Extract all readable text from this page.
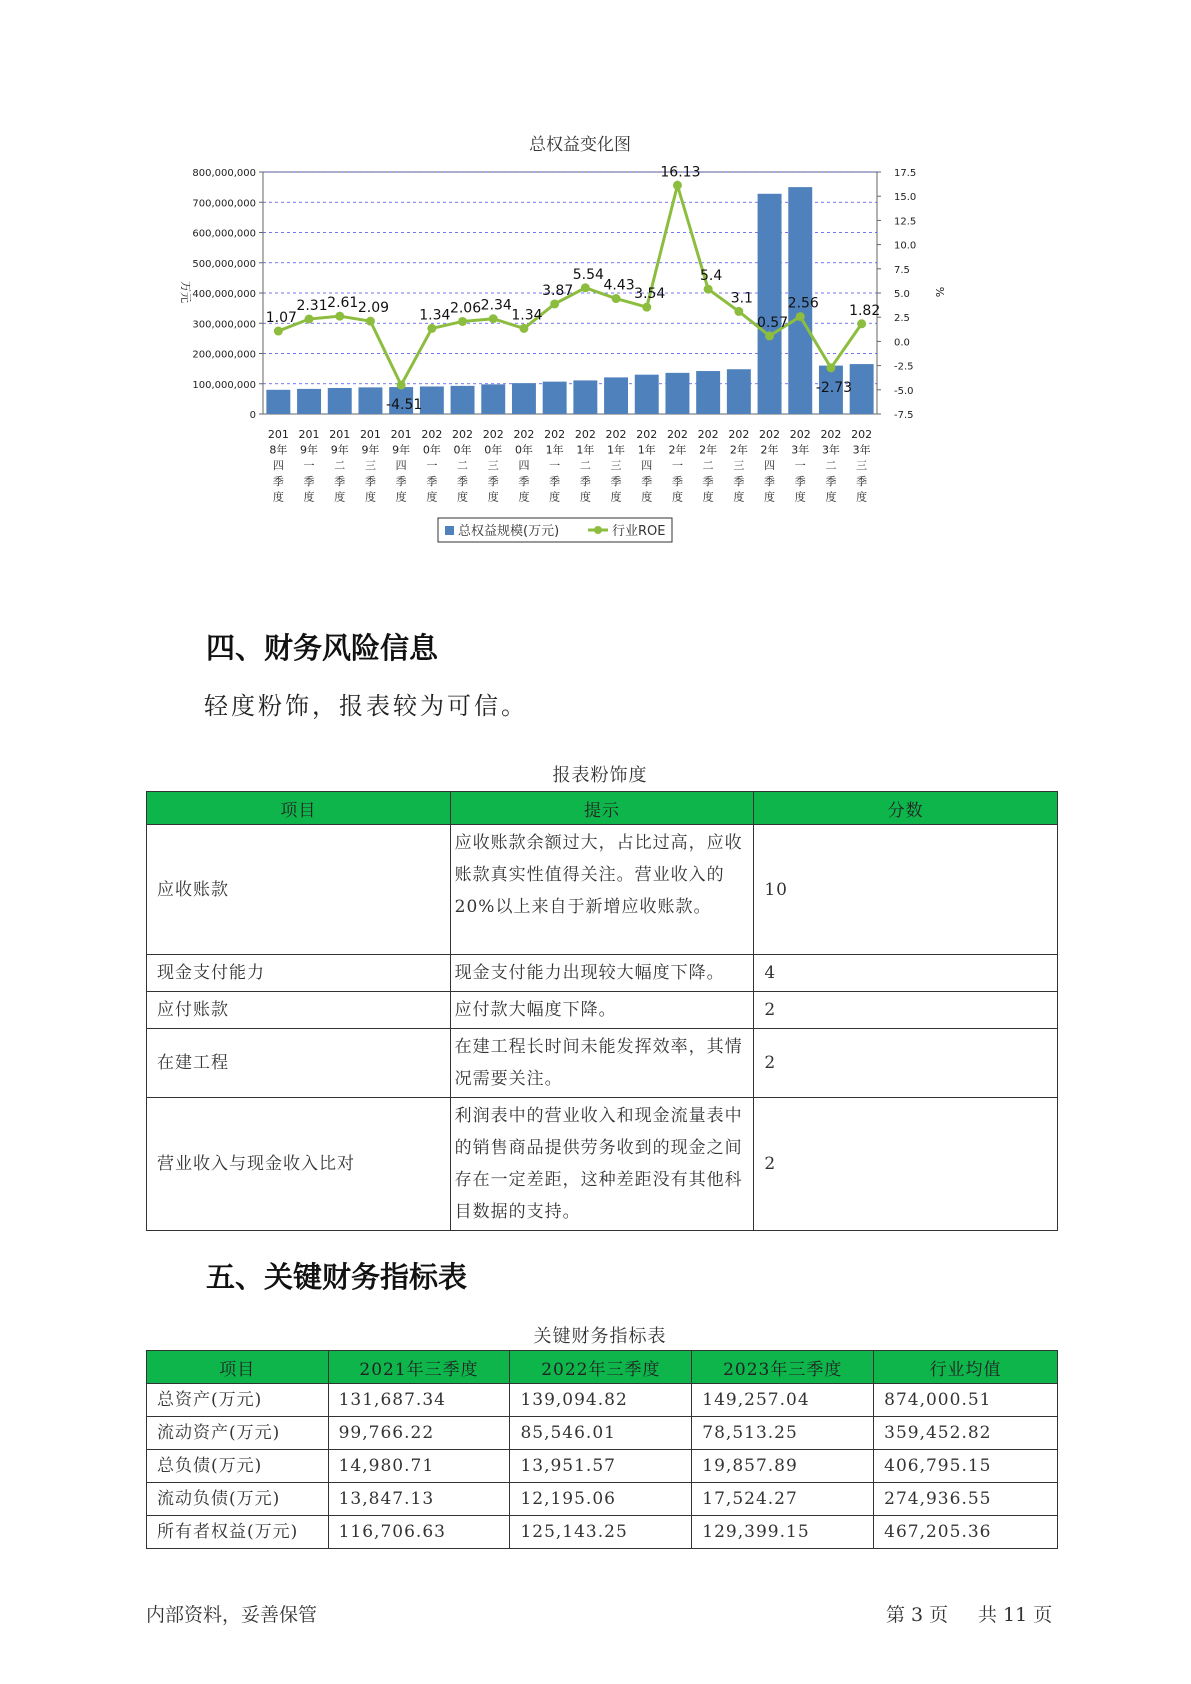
总权益变化图
0
100,000,000
200,000,000
300,000,000
400,000,000
500,000,000
600,000,000
700,000,000
800,000,000
-7.5
-5.0
-2.5
0.0
2.5
5.0
7.5
10.0
12.5
15.0
17.5
万元	%
1.07
2.31 2.61 2.09
-4.51
1.34 2.06 2.34
1.34
3.87
5.54
4.43
3.54
16.13
5.4
3.1
0.57
2.56
-2.73
1.82
201 8年四季度
201 9年一季度
201 9年二季度
201 9年三季度
201 9年四季度
202 0年一季度
202 0年二季度
202 0年三季度
202 0年四季度
202 1年一季度
202 1年二季度
202 1年三季度
202 1年四季度
202 2年一季度
202 2年二季度
202 2年三季度
202 2年四季度
202 3年一季度
202 3年二季度
202 3年三季度
总权益规模(万元)	行业ROE
四、财务风险信息
轻度粉饰，报表较为可信。
报表粉饰度
项目	提示	分数
应收账款	应收账款余额过大，占比过高，应收账款真实性值得关注。营业收入的20%以上来自于新增应收账款。	10
现金支付能力	现金支付能力出现较大幅度下降。	4
应付账款	应付款大幅度下降。	2
在建工程	在建工程长时间未能发挥效率，其情况需要关注。	2
营业收入与现金收入比对	利润表中的营业收入和现金流量表中的销售商品提供劳务收到的现金之间存在一定差距，这种差距没有其他科目数据的支持。	2
五、关键财务指标表
关键财务指标表
项目	2021年三季度	2022年三季度	2023年三季度	行业均值
总资产(万元)	131,687.34	139,094.82	149,257.04	874,000.51
流动资产(万元)	99,766.22	85,546.01	78,513.25	359,452.82
总负债(万元)	14,980.71	13,951.57	19,857.89	406,795.15
流动负债(万元)	13,847.13	12,195.06	17,524.27	274,936.55
所有者权益(万元)	116,706.63	125,143.25	129,399.15	467,205.36
内部资料，妥善保管	第 3 页 共 11 页
